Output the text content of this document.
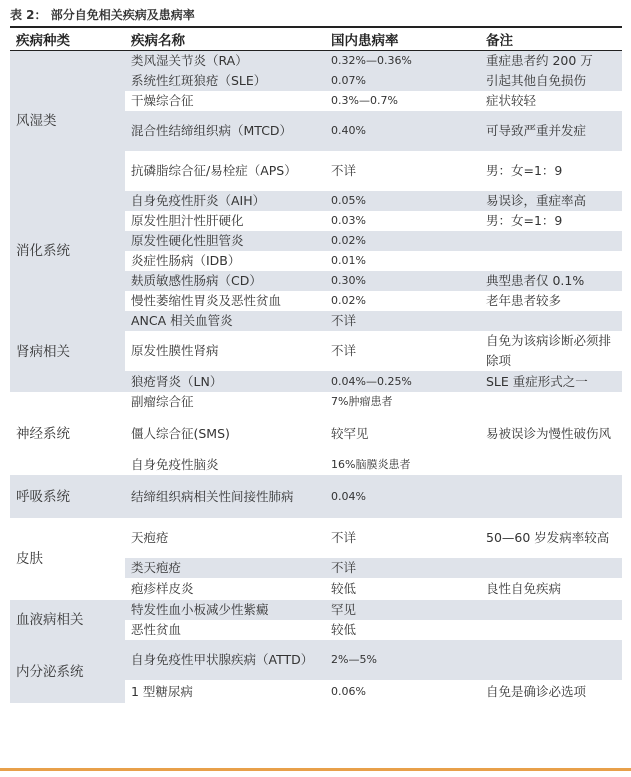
表 2： 部分自免相关疾病及患病率
疾病种类	疾病名称	国内患病率	备注
风湿类	类风湿关节炎（RA）	0.32%—0.36%	重症患者约 200 万
	系统性红斑狼疮（SLE）	0.07%	引起其他自免损伤
	干燥综合征	0.3%—0.7%	症状较轻
	混合性结缔组织病（MTCD）	0.40%	可导致严重并发症
	抗磷脂综合征/易栓症（APS）	不详	男：女=1：9
消化系统	自身免疫性肝炎（AIH）	0.05%	易误诊，重症率高
	原发性胆汁性肝硬化	0.03%	男：女=1：9
	原发性硬化性胆管炎	0.02%	
	炎症性肠病（IDB）	0.01%	
	麸质敏感性肠病（CD）	0.30%	典型患者仅 0.1%
	慢性萎缩性胃炎及恶性贫血	0.02%	老年患者较多
肾病相关	ANCA 相关血管炎	不详	
	原发性膜性肾病	不详	自免为该病诊断必须排除项
	狼疮肾炎（LN）	0.04%—0.25%	SLE 重症形式之一
神经系统	副瘤综合征	7%肿瘤患者	
	僵人综合征(SMS)	较罕见	易被误诊为慢性破伤风
	自身免疫性脑炎	16%脑膜炎患者	
呼吸系统	结缔组织病相关性间接性肺病	0.04%	
皮肤	天疱疮	不详	50—60 岁发病率较高
	类天疱疮	不详	
	疱疹样皮炎	较低	良性自免疾病
血液病相关	特发性血小板减少性紫癜	罕见	
	恶性贫血	较低	
内分泌系统	自身免疫性甲状腺疾病（ATTD）	2%—5%	
	1 型糖尿病	0.06%	自免是确诊必选项
